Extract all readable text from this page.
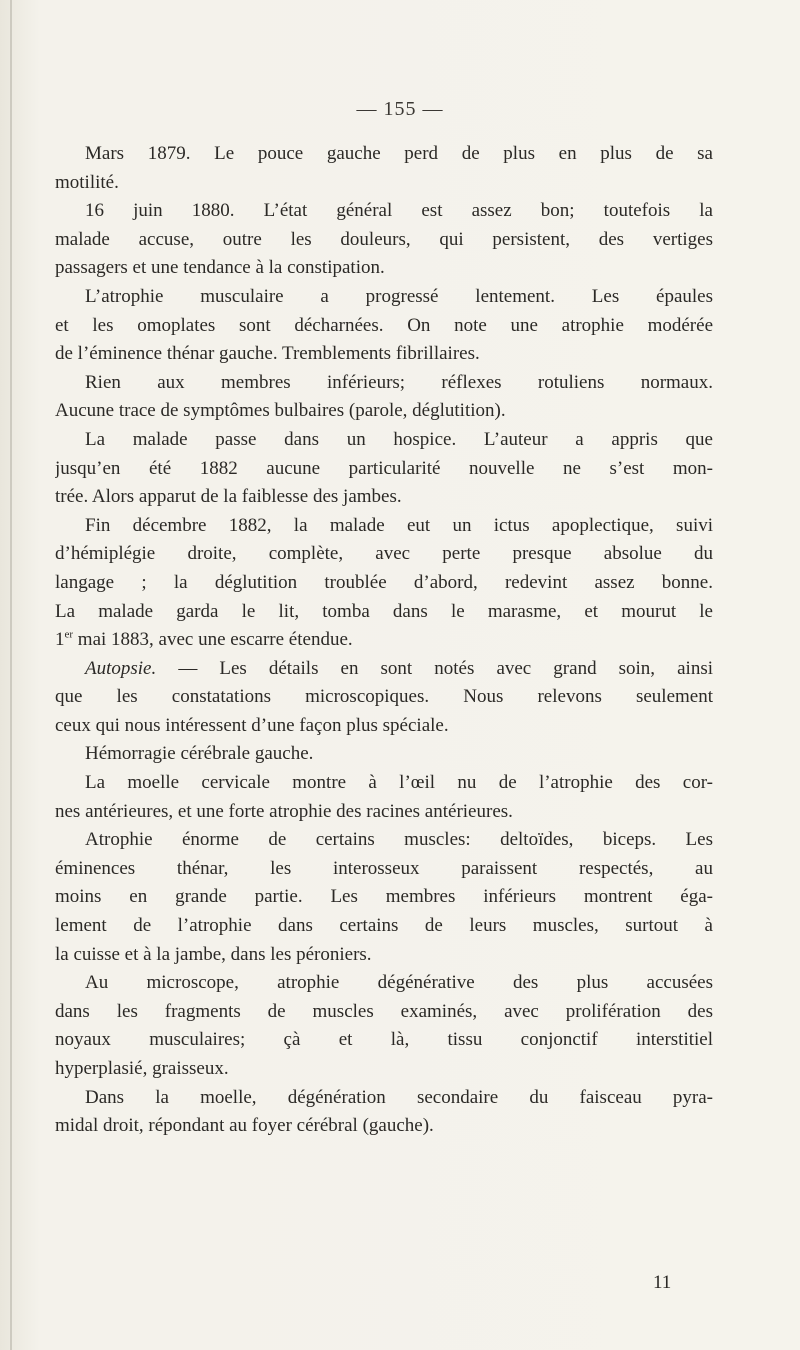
— 155 —
Mars 1879. Le pouce gauche perd de plus en plus de sa
motilité.
16 juin 1880. L’état général est assez bon; toutefois la
malade accuse, outre les douleurs, qui persistent, des vertiges
passagers et une tendance à la constipation.
L’atrophie musculaire a progressé lentement. Les épaules
et les omoplates sont décharnées. On note une atrophie modérée
de l’éminence thénar gauche. Tremblements fibrillaires.
Rien aux membres inférieurs; réflexes rotuliens normaux.
Aucune trace de symptômes bulbaires (parole, déglutition).
La malade passe dans un hospice. L’auteur a appris que
jusqu’en été 1882 aucune particularité nouvelle ne s’est mon-
trée. Alors apparut de la faiblesse des jambes.
Fin décembre 1882, la malade eut un ictus apoplectique, suivi
d’hémiplégie droite, complète, avec perte presque absolue du
langage ; la déglutition troublée d’abord, redevint assez bonne.
La malade garda le lit, tomba dans le marasme, et mourut le
1er mai 1883, avec une escarre étendue.
Autopsie. — Les détails en sont notés avec grand soin, ainsi
que les constatations microscopiques. Nous relevons seulement
ceux qui nous intéressent d’une façon plus spéciale.
Hémorragie cérébrale gauche.
La moelle cervicale montre à l’œil nu de l’atrophie des cor-
nes antérieures, et une forte atrophie des racines antérieures.
Atrophie énorme de certains muscles: deltoïdes, biceps. Les
éminences thénar, les interosseux paraissent respectés, au
moins en grande partie. Les membres inférieurs montrent éga-
lement de l’atrophie dans certains de leurs muscles, surtout à
la cuisse et à la jambe, dans les péroniers.
Au microscope, atrophie dégénérative des plus accusées
dans les fragments de muscles examinés, avec prolifération des
noyaux musculaires; çà et là, tissu conjonctif interstitiel
hyperplasié, graisseux.
Dans la moelle, dégénération secondaire du faisceau pyra-
midal droit, répondant au foyer cérébral (gauche).
11
